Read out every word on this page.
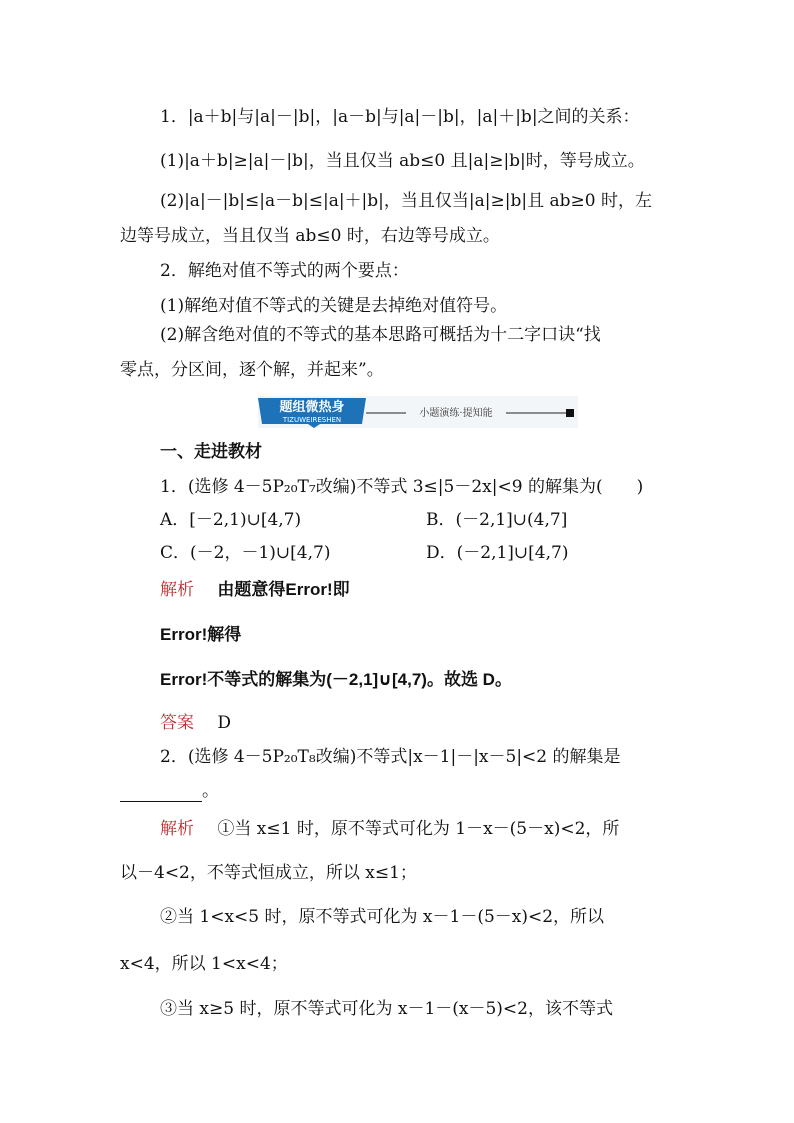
1．|a＋b|与|a|－|b|，|a－b|与|a|－|b|，|a|＋|b|之间的关系：
(1)|a＋b|≥|a|－|b|，当且仅当 ab≤0 且|a|≥|b|时，等号成立。
(2)|a|－|b|≤|a－b|≤|a|＋|b|，当且仅当|a|≥|b|且 ab≥0 时，左
边等号成立，当且仅当 ab≤0 时，右边等号成立。
2．解绝对值不等式的两个要点：
(1)解绝对值不等式的关键是去掉绝对值符号。
(2)解含绝对值的不等式的基本思路可概括为十二字口诀“找
零点，分区间，逐个解，并起来”。
题组微热身
TIZUWEIRESHEN
小题演练·提知能
一、走进教材
1．(选修 4－5P₂₀T₇改编)不等式 3≤|5－2x|<9 的解集为(　　)
A．[－2,1)∪[4,7)	B．(－2,1]∪(4,7]
C．(－2，－1)∪[4,7)	D．(－2,1]∪[4,7)
解析 由题意得Error!即
Error!解得
Error!不等式的解集为(－2,1]∪[4,7)。故选 D。
答案 D
2．(选修 4－5P₂₀T₈改编)不等式|x－1|－|x－5|<2 的解集是
。
解析 ①当 x≤1 时，原不等式可化为 1－x－(5－x)<2，所
以－4<2，不等式恒成立，所以 x≤1；
②当 1<x<5 时，原不等式可化为 x－1－(5－x)<2，所以
x<4，所以 1<x<4；
③当 x≥5 时，原不等式可化为 x－1－(x－5)<2，该不等式
